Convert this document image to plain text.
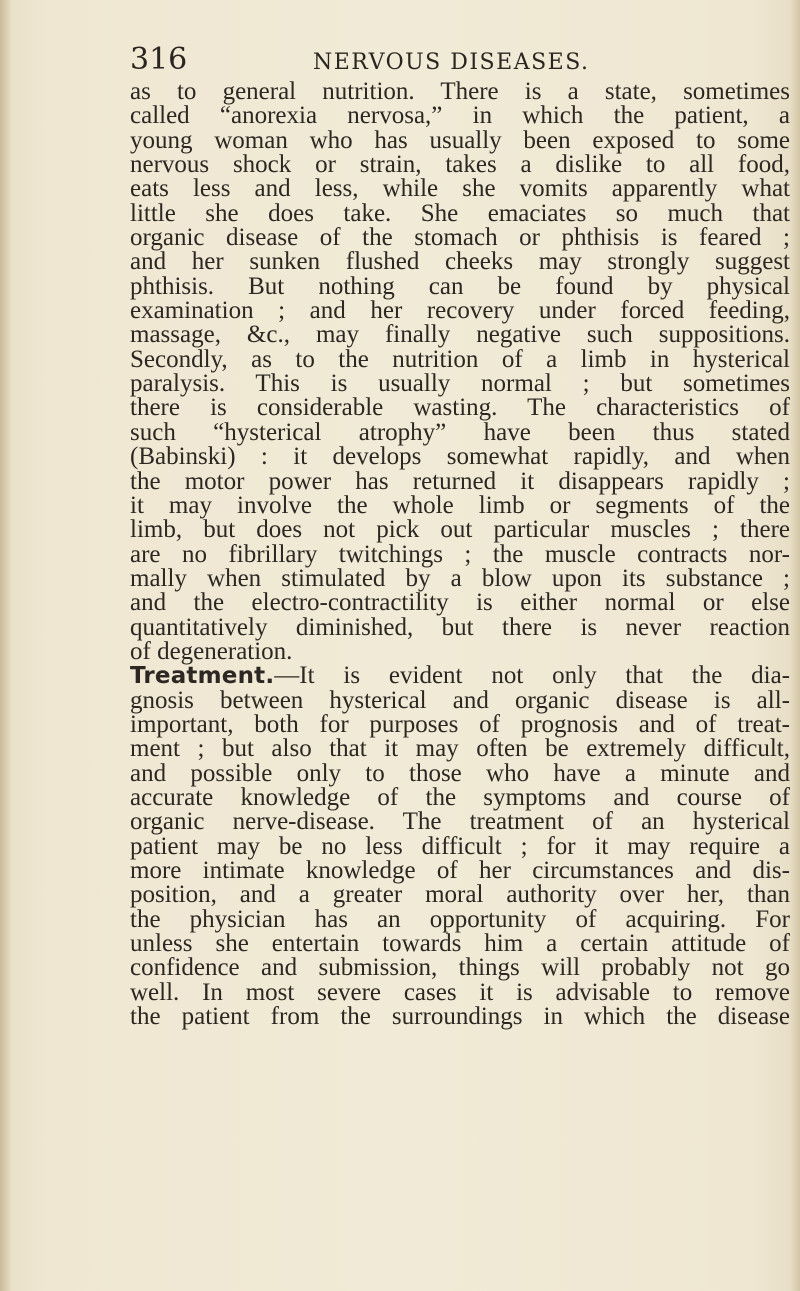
316	NERVOUS DISEASES.
as to general nutrition. There is a state, sometimes
called “anorexia nervosa,” in which the patient, a
young woman who has usually been exposed to some
nervous shock or strain, takes a dislike to all food,
eats less and less, while she vomits apparently what
little she does take. She emaciates so much that
organic disease of the stomach or phthisis is feared ;
and her sunken flushed cheeks may strongly suggest
phthisis. But nothing can be found by physical
examination ; and her recovery under forced feeding,
massage, &c., may finally negative such suppositions.
Secondly, as to the nutrition of a limb in hysterical
paralysis. This is usually normal ; but sometimes
there is considerable wasting. The characteristics of
such “hysterical atrophy” have been thus stated
(Babinski) : it develops somewhat rapidly, and when
the motor power has returned it disappears rapidly ;
it may involve the whole limb or segments of the
limb, but does not pick out particular muscles ; there
are no fibrillary twitchings ; the muscle contracts nor-
mally when stimulated by a blow upon its substance ;
and the electro-contractility is either normal or else
quantitatively diminished, but there is never reaction
of degeneration.
Treatment.—It is evident not only that the dia-
gnosis between hysterical and organic disease is all-
important, both for purposes of prognosis and of treat-
ment ; but also that it may often be extremely difficult,
and possible only to those who have a minute and
accurate knowledge of the symptoms and course of
organic nerve-disease. The treatment of an hysterical
patient may be no less difficult ; for it may require a
more intimate knowledge of her circumstances and dis-
position, and a greater moral authority over her, than
the physician has an opportunity of acquiring. For
unless she entertain towards him a certain attitude of
confidence and submission, things will probably not go
well. In most severe cases it is advisable to remove
the patient from the surroundings in which the disease
